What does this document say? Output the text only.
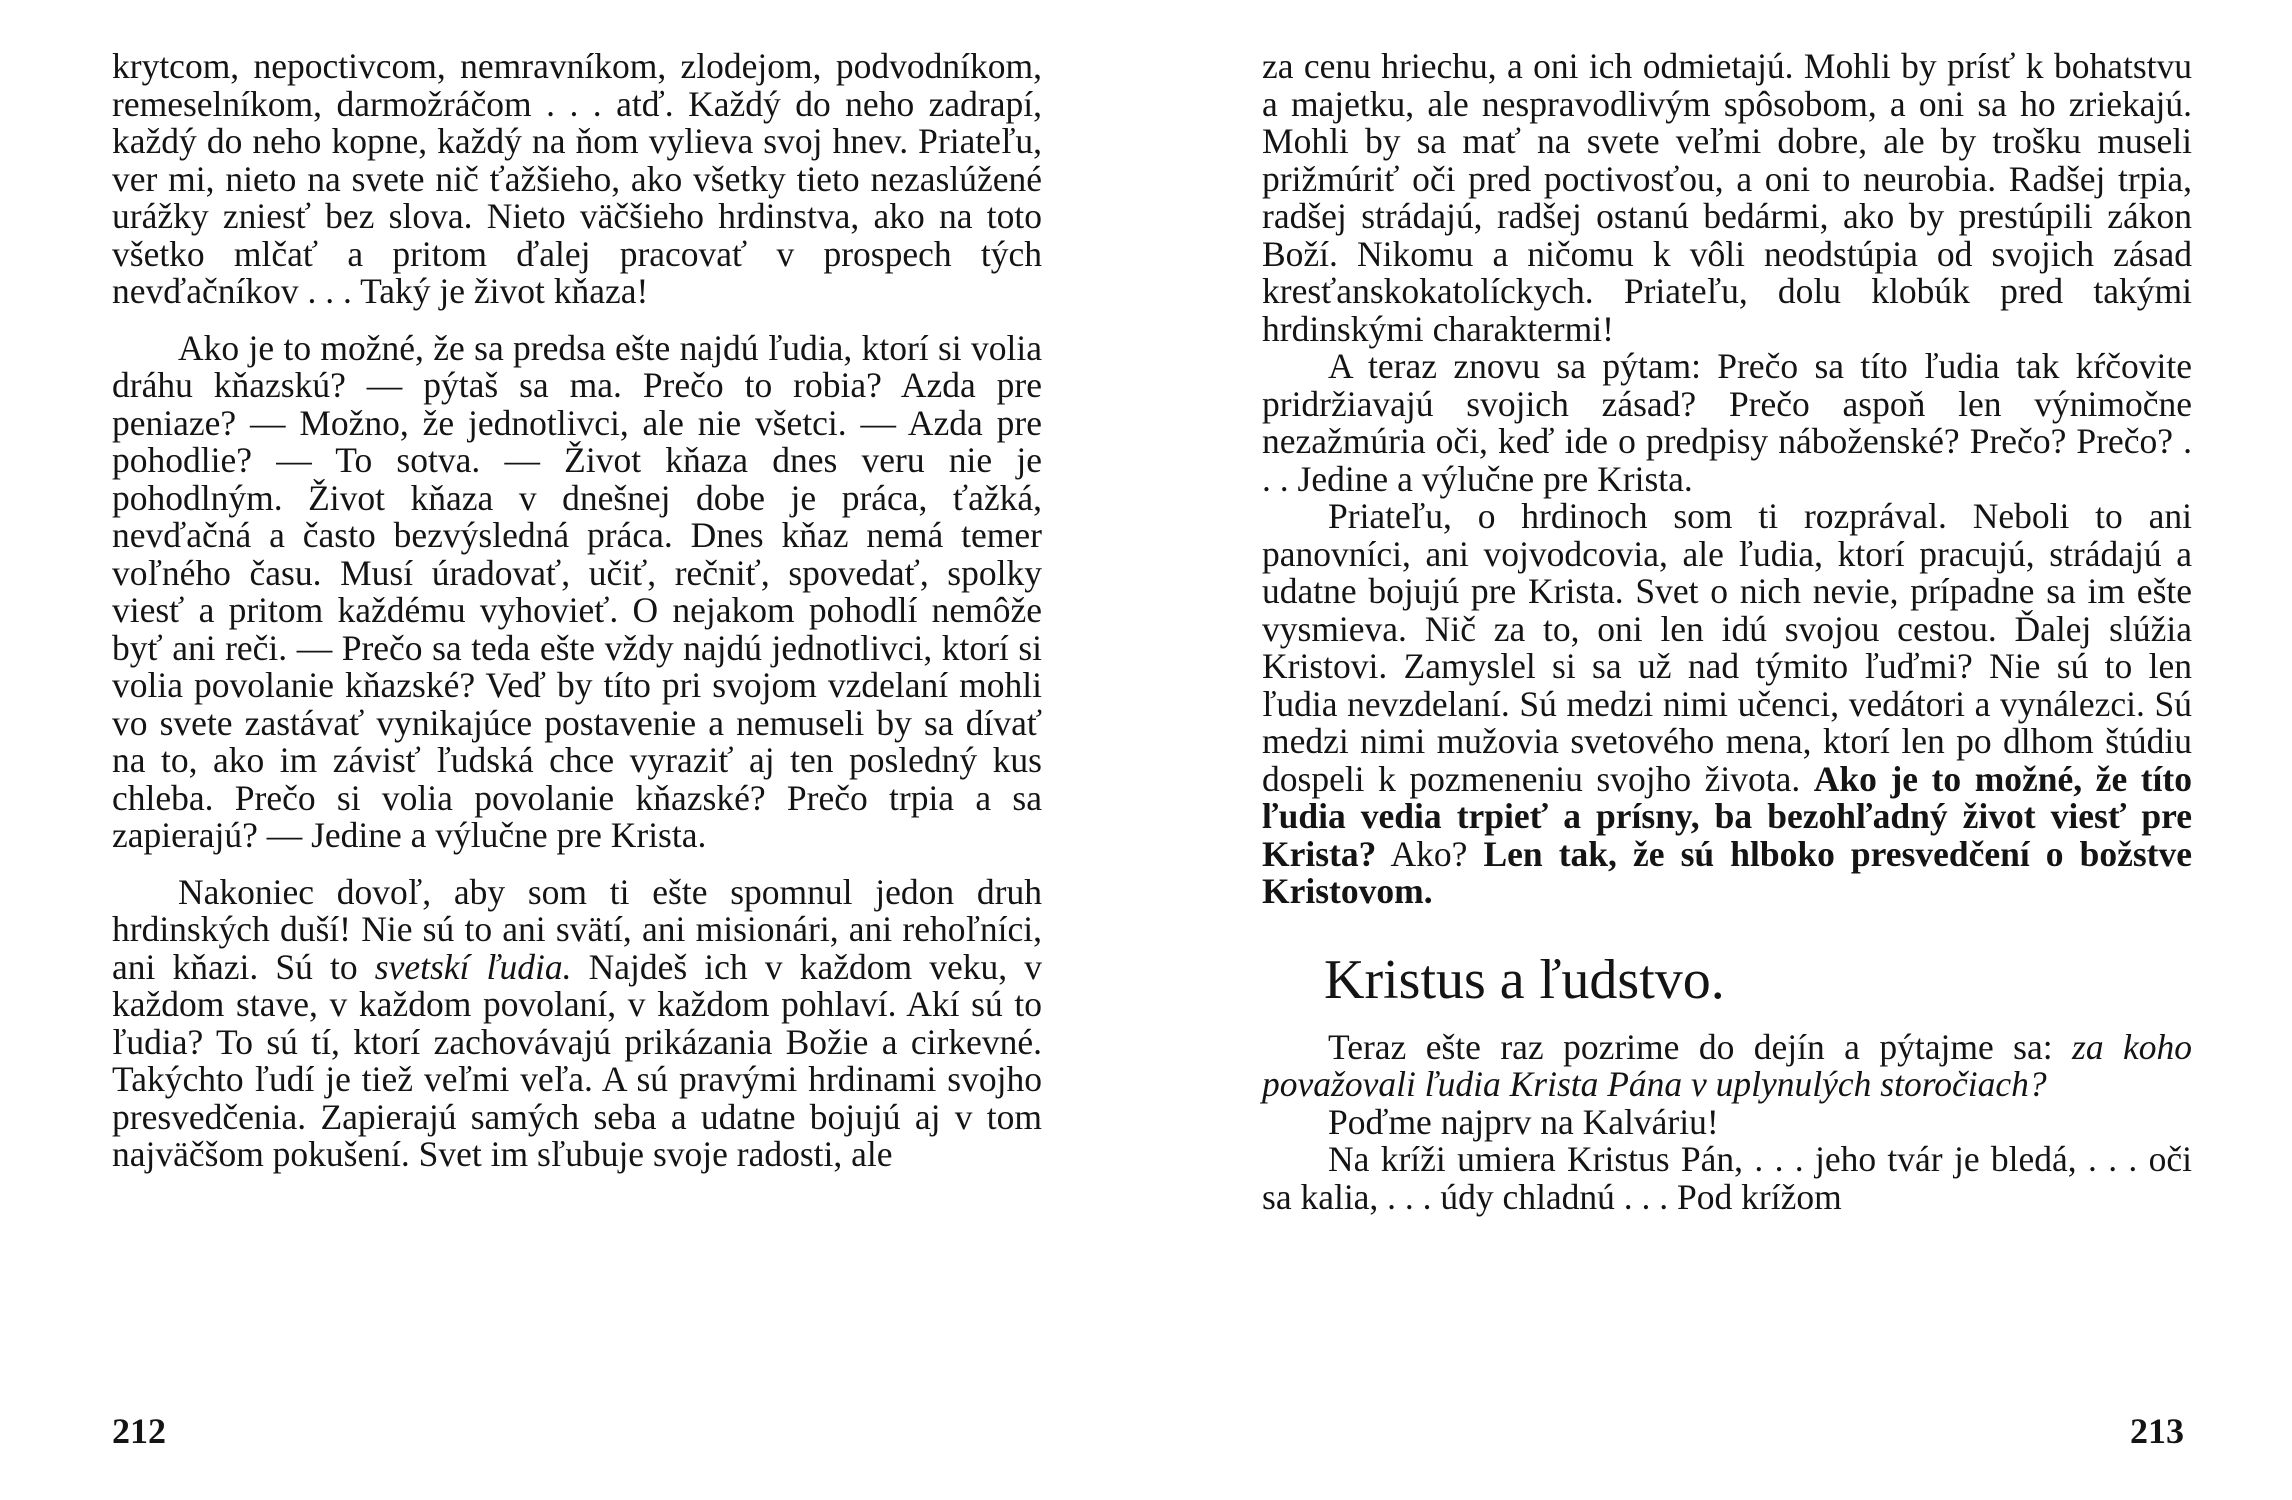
krytcom, nepoctivcom, nemravníkom, zlodejom, podvodníkom, remeselníkom, darmožráčom . . . atď. Každý do neho zadrapí, každý do neho kopne, každý na ňom vylieva svoj hnev. Priateľu, ver mi, nieto na svete nič ťažšieho, ako všetky tieto nezaslúžené urážky zniesť bez slova. Nieto väčšieho hrdinstva, ako na toto všetko mlčať a pritom ďalej pracovať v prospech tých nevďačníkov . . . Taký je život kňaza!

Ako je to možné, že sa predsa ešte najdú ľudia, ktorí si volia dráhu kňazskú? — pýtaš sa ma. Prečo to robia? Azda pre peniaze? — Možno, že jednotlivci, ale nie všetci. — Azda pre pohodlie? — To sotva. — Život kňaza dnes veru nie je pohodlným. Život kňaza v dnešnej dobe je práca, ťažká, nevďačná a často bezvýsledná práca. Dnes kňaz nemá temer voľného času. Musí úradovať, učiť, rečniť, spovedať, spolky viesť a pritom každému vyhovieť. O nejakom pohodlí nemôže byť ani reči. — Prečo sa teda ešte vždy najdú jednotlivci, ktorí si volia povolanie kňazské? Veď by títo pri svojom vzdelaní mohli vo svete zastávať vynikajúce postavenie a nemuseli by sa dívať na to, ako im závisť ľudská chce vyraziť aj ten posledný kus chleba. Prečo si volia povolanie kňazské? Prečo trpia a sa zapierajú? — Jedine a výlučne pre Krista.

Nakoniec dovoľ, aby som ti ešte spomnul jedon druh hrdinských duší! Nie sú to ani svätí, ani misionári, ani rehoľníci, ani kňazi. Sú to svetskí ľudia. Najdeš ich v každom veku, v každom stave, v každom povolaní, v každom pohlaví. Akí sú to ľudia? To sú tí, ktorí zachovávajú prikázania Božie a cirkevné. Takýchto ľudí je tiež veľmi veľa. A sú pravými hrdinami svojho presvedčenia. Zapierajú samých seba a udatne bojujú aj v tom najväčšom pokušení. Svet im sľubuje svoje radosti, ale

212

za cenu hriechu, a oni ich odmietajú. Mohli by prísť k bohatstvu a majetku, ale nespravodlivým spôsobom, a oni sa ho zriekajú. Mohli by sa mať na svete veľmi dobre, ale by trošku museli prižmúriť oči pred poctivosťou, a oni to neurobia. Radšej trpia, radšej strádajú, radšej ostanú bedármi, ako by prestúpili zákon Boží. Nikomu a ničomu k vôli neodstúpia od svojich zásad kresťanskokatolíckych. Priateľu, dolu klobúk pred takými hrdinskými charaktermi!

A teraz znovu sa pýtam: Prečo sa títo ľudia tak kŕčovite pridržiavajú svojich zásad? Prečo aspoň len výnimočne nezažmúria oči, keď ide o predpisy náboženské? Prečo? Prečo? . . . Jedine a výlučne pre Krista.

Priateľu, o hrdinoch som ti rozprával. Neboli to ani panovníci, ani vojvodcovia, ale ľudia, ktorí pracujú, strádajú a udatne bojujú pre Krista. Svet o nich nevie, prípadne sa im ešte vysmieva. Nič za to, oni len idú svojou cestou. Ďalej slúžia Kristovi. Zamyslel si sa už nad týmito ľuďmi? Nie sú to len ľudia nevzdelaní. Sú medzi nimi učenci, vedátori a vynálezci. Sú medzi nimi mužovia svetového mena, ktorí len po dlhom štúdiu dospeli k pozmeneniu svojho života. Ako je to možné, že títo ľudia vedia trpieť a prísny, ba bezohľadný život viesť pre Krista? Ako? Len tak, že sú hlboko presvedčení o božstve Kristovom.

Kristus a ľudstvo.

Teraz ešte raz pozrime do dejín a pýtajme sa: za koho považovali ľudia Krista Pána v uplynulých storočiach?

Poďme najprv na Kalváriu!

Na kríži umiera Kristus Pán, . . . jeho tvár je bledá, . . . oči sa kalia, . . . údy chladnú . . . Pod krížom

213
